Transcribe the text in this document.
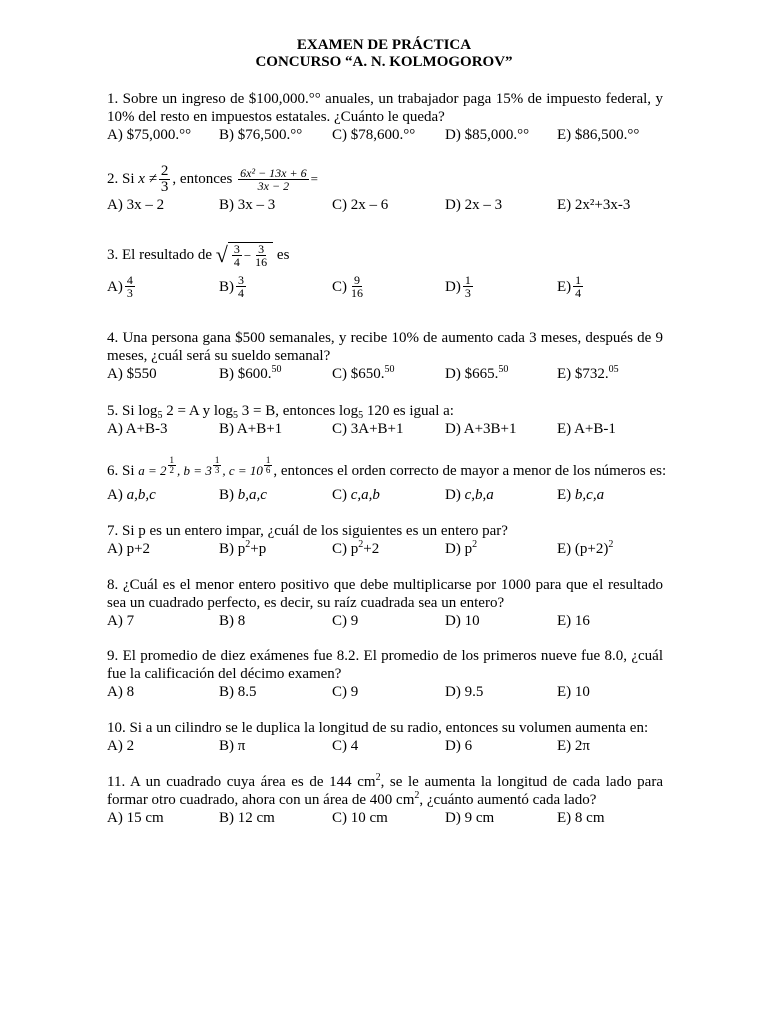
EXAMEN DE PRÁCTICA
CONCURSO “A. N. KOLMOGOROV”
1. Sobre un ingreso de $100,000.°° anuales, un trabajador paga 15% de impuesto federal, y 10% del resto en impuestos estatales. ¿Cuánto le queda?
A) $75,000.°° B) $76,500.°° C) $78,600.°° D) $85,000.°° E) $86,500.°°
2. Si
$x \ne \frac{2}{3}$ , entonces
$\frac{\text{6x² − 13x + 6}}{3x - 2}$ =
A) 3x – 2	B) 3x – 3	C) 2x – 6	D) 2x – 3	E) 2x²+3x-3
3. El resultado de
√ $\frac{3}{4} - \frac{3}{16}$
es
$A) \frac{4}{3}$	$B) \frac{3}{4}$	$C) \frac{9}{16}$	$D) \frac{1}{3}$	$E) \frac{1}{4}$
4. Una persona gana $500 semanales, y recibe 10% de aumento cada 3 meses, después de 9 meses, ¿cuál será su sueldo semanal?
A) $550	B) $600.50	C) $650.50	D) $665.50	E) $732.05
5. Si $\log_5 2 = A$ y $\log_5 3 = B$, entonces $\log_5 120$ es igual a:
A) A+B-3	B) A+B+1	C) 3A+B+1	D) A+3B+1	E) A+B-1
6. Si
$a = 2 \frac{1}{2}$ , $b = 3 \frac{1}{3}$ , $c = 10 \frac{1}{6}$ , entonces el orden correcto de mayor a menor de los números es:
A) a,b,c	B) b,a,c	C) c,a,b	D) c,b,a	E) b,c,a
7. Si p es un entero impar, ¿cuál de los siguientes es un entero par?
A) p+2	B) $p^2+p$	C) $p^2+2$	D) $p^2$	E) $(p+2)^2$
8. ¿Cuál es el menor entero positivo que debe multiplicarse por 1000 para que el resultado sea un cuadrado perfecto, es decir, su raíz cuadrada sea un entero?
A) 7	B) 8	C) 9	D) 10	E) 16
9. El promedio de diez exámenes fue 8.2. El promedio de los primeros nueve fue 8.0, ¿cuál fue la calificación del décimo examen?
A) 8	B) 8.5	C) 9	D) 9.5	E) 10
10. Si a un cilindro se le duplica la longitud de su radio, entonces su volumen aumenta en:
A) 2	B) π	C) 4	D) 6	E) 2π
11. A un cuadrado cuya área es de 144 $cm^2$, se le aumenta la longitud de cada lado para formar otro cuadrado, ahora con un área de 400 $cm^2$, ¿cuánto aumentó cada lado?
A) 15 cm	B) 12 cm	C) 10 cm	D) 9 cm	E) 8 cm
